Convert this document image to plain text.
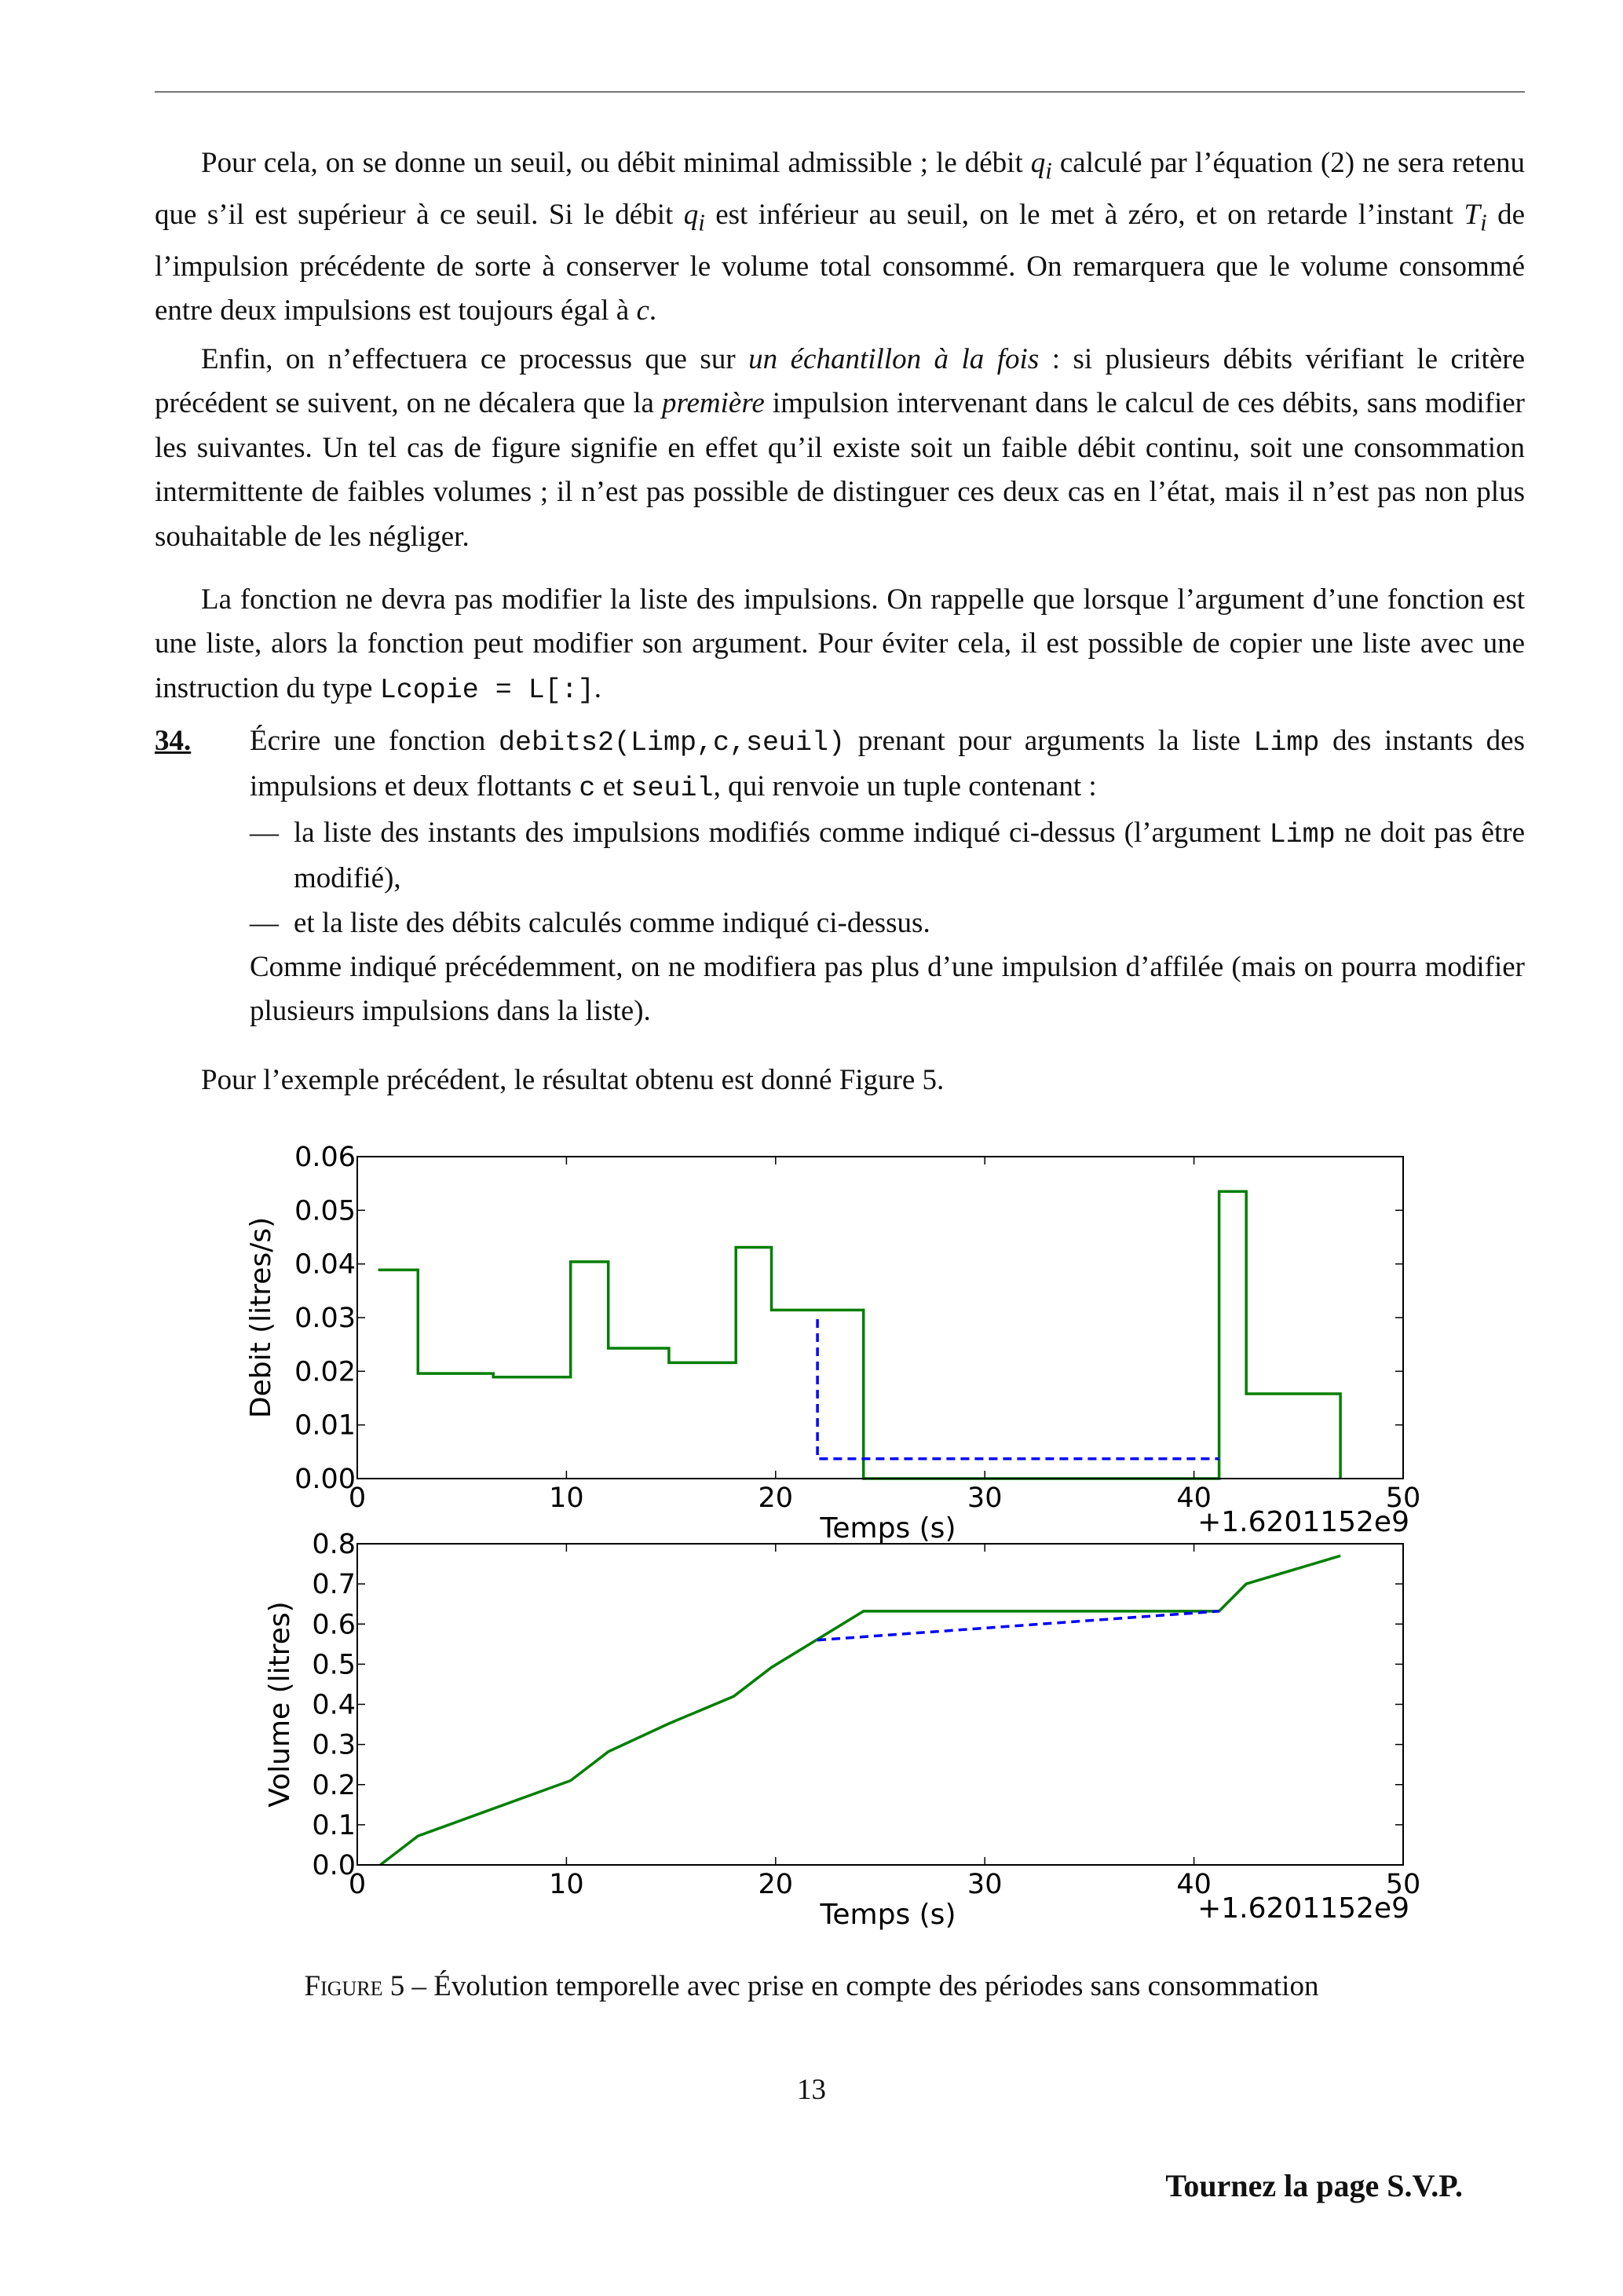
Pour cela, on se donne un seuil, ou débit minimal admissible ; le débit $q_i$ calculé par l’équation (2) ne sera retenu que s’il est supérieur à ce seuil. Si le débit $q_i$ est inférieur au seuil, on le met à zéro, et on retarde l’instant $T_i$ de l’impulsion précédente de sorte à conserver le volume total consommé. On remarquera que le volume consommé entre deux impulsions est toujours égal à c.
Enfin, on n’effectuera ce processus que sur un échantillon à la fois : si plusieurs débits vérifiant le critère précédent se suivent, on ne décalera que la première impulsion intervenant dans le calcul de ces débits, sans modifier les suivantes. Un tel cas de figure signifie en effet qu’il existe soit un faible débit continu, soit une consommation intermittente de faibles volumes ; il n’est pas possible de distinguer ces deux cas en l’état, mais il n’est pas non plus souhaitable de les négliger.
La fonction ne devra pas modifier la liste des impulsions. On rappelle que lorsque l’argument d’une fonction est une liste, alors la fonction peut modifier son argument. Pour éviter cela, il est possible de copier une liste avec une instruction du type Lcopie = L[:].
34. Écrire une fonction debits2(Limp,c,seuil) prenant pour arguments la liste Limp des instants des impulsions et deux flottants c et seuil, qui renvoie un tuple contenant :
— la liste des instants des impulsions modifiés comme indiqué ci-dessus (l’argument Limp ne doit pas être modifié),
— et la liste des débits calculés comme indiqué ci-dessus.
Comme indiqué précédemment, on ne modifiera pas plus d’une impulsion d’affilée (mais on pourra modifier plusieurs impulsions dans la liste).
Pour l’exemple précédent, le résultat obtenu est donné Figure 5.
0	10	20	30	40	50
0.00
0.01
0.02
0.03
0.04
0.05
0.06
Temps (s)	+1.6201152e9
Debit (litres/s)
0	10	20	30	40	50
0.0
0.1
0.2
0.3
0.4
0.5
0.6
0.7
0.8
Temps (s)	+1.6201152e9
Volume (litres)
Figure 5 – Évolution temporelle avec prise en compte des périodes sans consommation
13
Tournez la page S.V.P.
